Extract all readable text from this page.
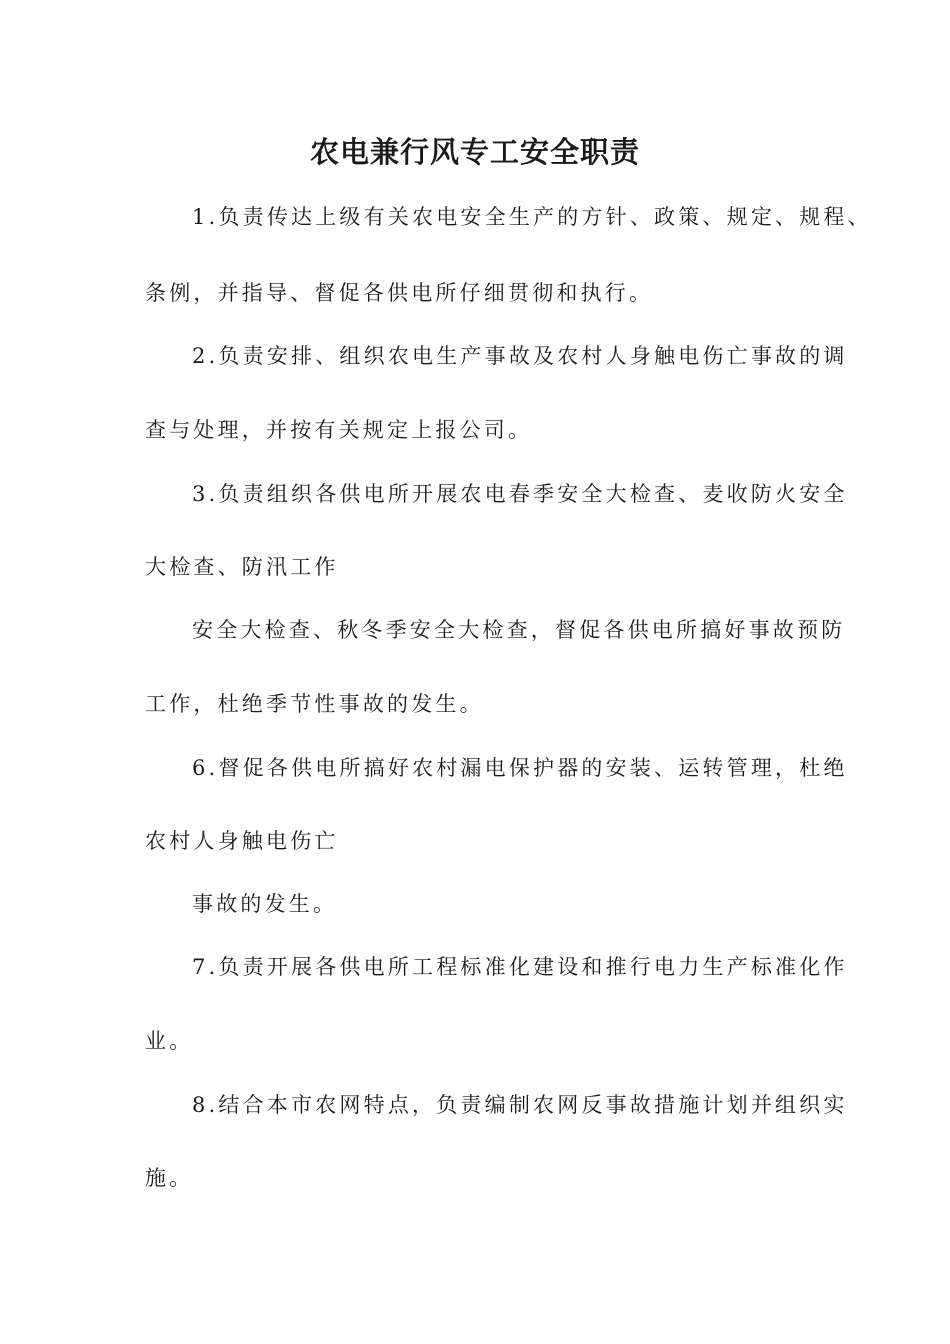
农电兼行风专工安全职责

1.负责传达上级有关农电安全生产的方针、政策、规定、规程、

条例，并指导、督促各供电所仔细贯彻和执行。

2.负责安排、组织农电生产事故及农村人身触电伤亡事故的调

查与处理，并按有关规定上报公司。

3.负责组织各供电所开展农电春季安全大检查、麦收防火安全

大检查、防汛工作

安全大检查、秋冬季安全大检查，督促各供电所搞好事故预防

工作，杜绝季节性事故的发生。

6.督促各供电所搞好农村漏电保护器的安装、运转管理，杜绝

农村人身触电伤亡

事故的发生。

7.负责开展各供电所工程标准化建设和推行电力生产标准化作

业。

8.结合本市农网特点，负责编制农网反事故措施计划并组织实

施。
